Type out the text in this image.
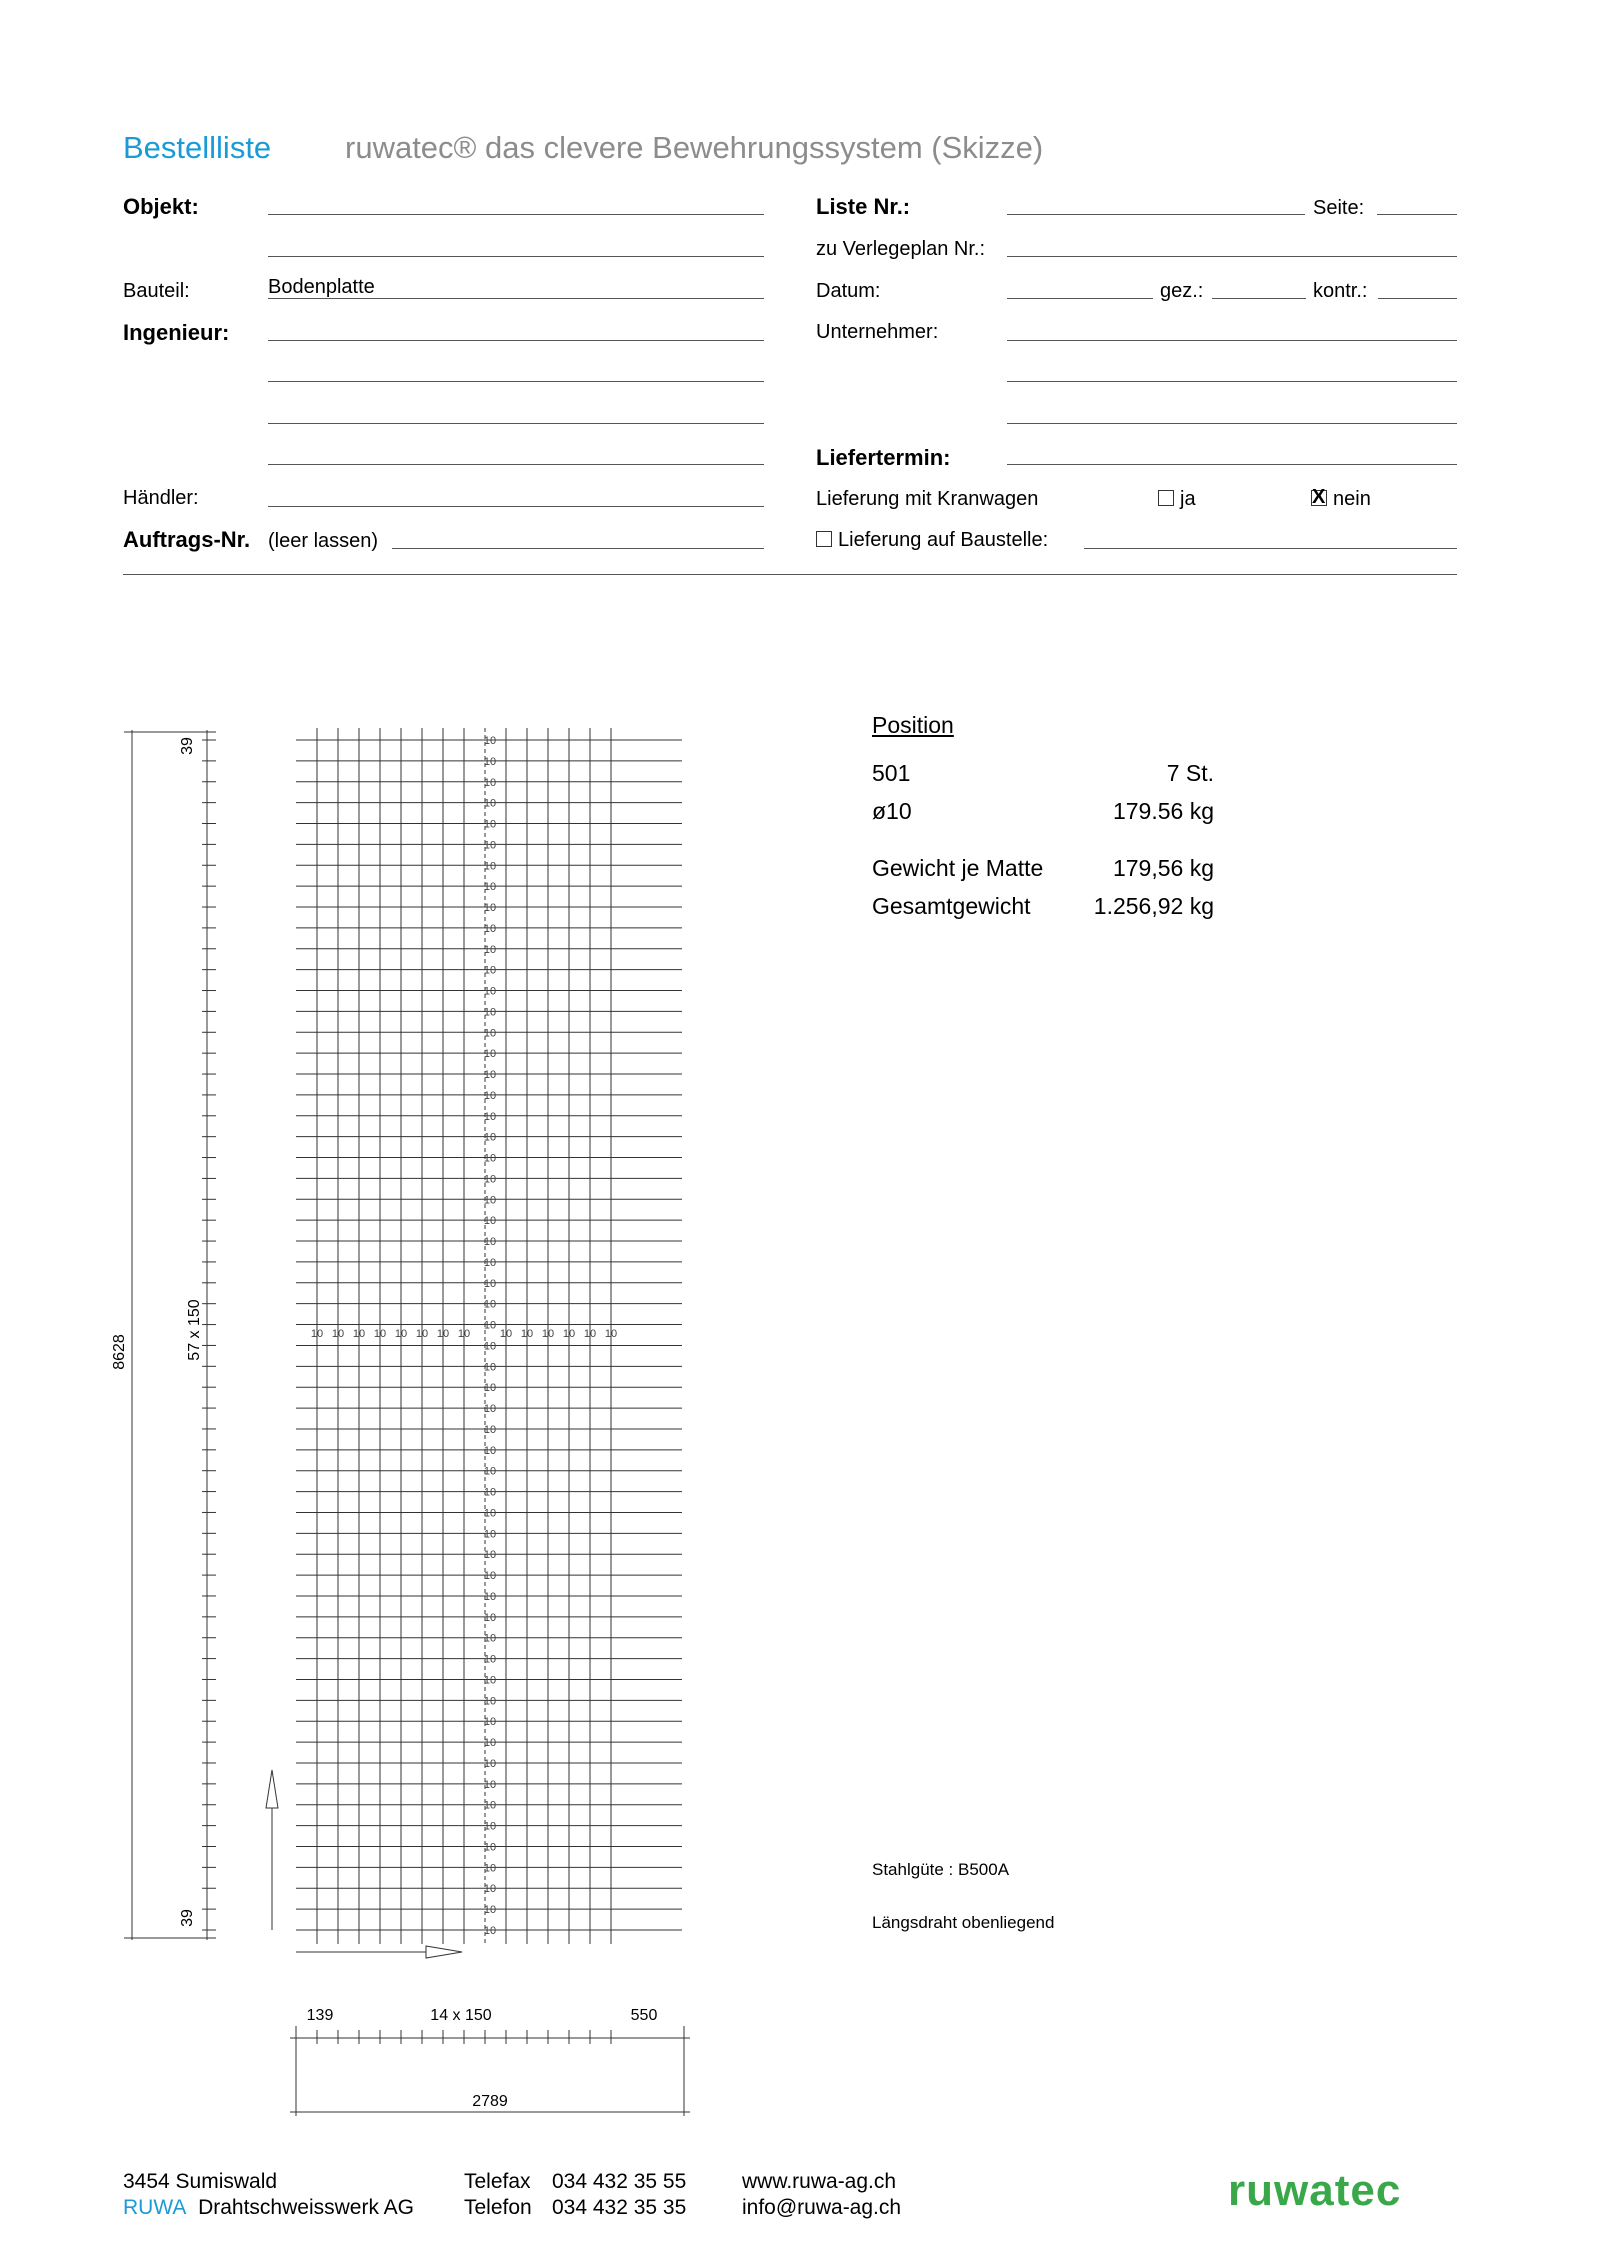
Bestellliste ruwatec® das clevere Bewehrungssystem (Skizze)
Objekt:
Bauteil:	Bodenplatte
Ingenieur:
Händler:
Auftrags-Nr. (leer lassen)
Liste Nr.:	Seite:
zu Verlegeplan Nr.:
Datum:	gez.:	kontr.:
Unternehmer:
Liefertermin:
Lieferung mit Kranwagen	ja
X	nein
Lieferung auf Baustelle:
Position
501	7 St.
ø10	179.56 kg
Gewicht je Matte	179,56 kg
Gesamtgewicht	1.256,92 kg
Stahlgüte : B500A
Längsdraht obenliegend
10
10
10
10
10
10
10
10
10
10
10
10
10
10
10
10
10
10
10
10
10
10
10
10
10
10
10
10
10
10
10
10
10
10
10
10
10
10
10
10
10
10
10
10
10
10
10
10
10
10
10
10
10
10
10
10
10
10
10 10 10 10 10 10 10 10	10 10 10 10 10 10
8628	57 x 150
39
39
139	14 x 150	550
2789
3454 Sumiswald
RUWA Drahtschweisswerk AG
Telefax 034 432 35 55
Telefon 034 432 35 35
www.ruwa-ag.ch
info@ruwa-ag.ch	ruwatec
